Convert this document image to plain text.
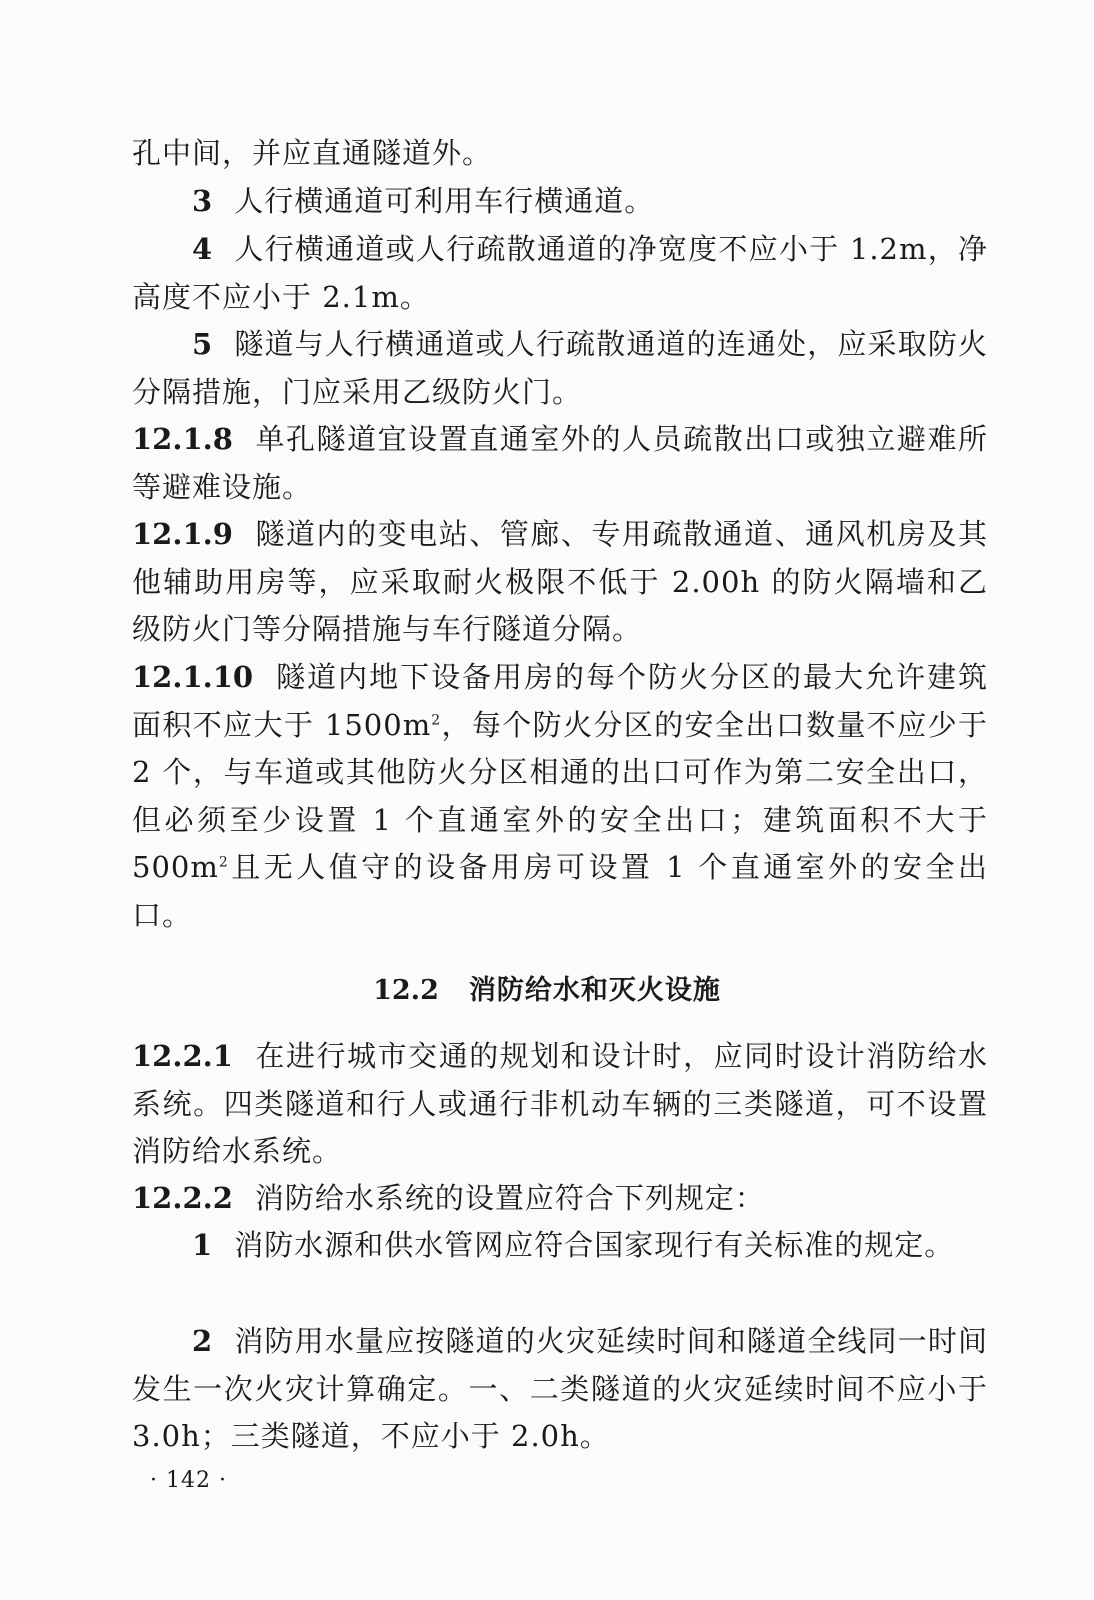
孔中间，并应直通隧道外。

3 人行横通道可利用车行横通道。

4 人行横通道或人行疏散通道的净宽度不应小于 1.2m，净高度不应小于 2.1m。

5 隧道与人行横通道或人行疏散通道的连通处，应采取防火分隔措施，门应采用乙级防火门。

12.1.8 单孔隧道宜设置直通室外的人员疏散出口或独立避难所等避难设施。

12.1.9 隧道内的变电站、管廊、专用疏散通道、通风机房及其他辅助用房等，应采取耐火极限不低于 2.00h 的防火隔墙和乙级防火门等分隔措施与车行隧道分隔。

12.1.10 隧道内地下设备用房的每个防火分区的最大允许建筑面积不应大于 $1500m^2$，每个防火分区的安全出口数量不应少于 2 个，与车道或其他防火分区相通的出口可作为第二安全出口，但必须至少设置 1 个直通室外的安全出口；建筑面积不大于 $500m^2$且无人值守的设备用房可设置 1 个直通室外的安全出口。

12.2 消防给水和灭火设施

12.2.1 在进行城市交通的规划和设计时，应同时设计消防给水系统。四类隧道和行人或通行非机动车辆的三类隧道，可不设置消防给水系统。

12.2.2 消防给水系统的设置应符合下列规定：

1 消防水源和供水管网应符合国家现行有关标准的规定。

2 消防用水量应按隧道的火灾延续时间和隧道全线同一时间发生一次火灾计算确定。一、二类隧道的火灾延续时间不应小于 3.0h；三类隧道，不应小于 2.0h。

· 142 ·
